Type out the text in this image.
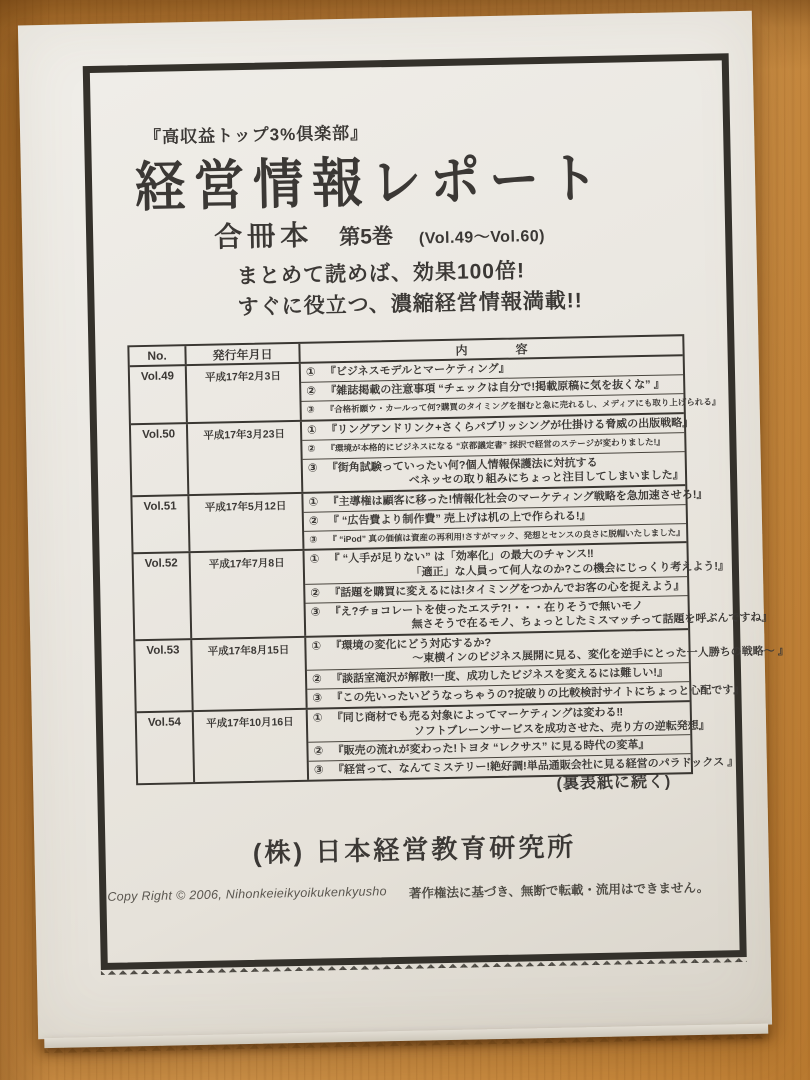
『高収益トップ3%倶楽部』
経営情報レポート
合冊本 第5巻 (Vol.49〜Vol.60)
まとめて読めば、効果100倍!
すぐに役立つ、濃縮経営情報満載!!
No.	発行年月日	内　容
Vol.49	平成17年2月3日	① 『ビジネスモデルとマーケティング』
② 『雑誌掲載の注意事項 “チェックは自分で!掲載原稿に気を抜くな” 』
③	『合格祈願ウ・カールって何?購買のタイミングを掴むと急に売れるし、メディアにも取り上げられる』
Vol.50	平成17年3月23日	① 『リングアンドリンク+さくらパブリッシングが仕掛ける脅威の出版戦略』
②	『環境が本格的にビジネスになる “京都議定書” 採択で経営のステージが変わりました!』
③ 『街角試験っていったい何?個人情報保護法に対抗する
ベネッセの取り組みにちょっと注目してしまいました』
Vol.51	平成17年5月12日	① 『主導権は顧客に移った!情報化社会のマーケティング戦略を急加速させろ!』
② 『 “広告費より制作費” 売上げは机の上で作られる!』
③	『 “iPod” 真の価値は資産の再利用!さすがマック、発想とセンスの良さに脱帽いたしました』
Vol.52	平成17年7月8日	① 『 “人手が足りない” は「効率化」の最大のチャンス‼
「適正」な人員って何人なのか?この機会にじっくり考えよう!』
② 『話題を購買に変えるには!タイミングをつかんでお客の心を捉えよう』
③ 『え?チョコレートを使ったエステ?!・・・在りそうで無いモノ
無さそうで在るモノ、ちょっとしたミスマッチって話題を呼ぶんですね』
Vol.53	平成17年8月15日	① 『環境の変化にどう対応するか?
〜東横インのビジネス展開に見る、変化を逆手にとった一人勝ちの戦略〜 』
② 『談話室滝沢が解散!一度、成功したビジネスを変えるには難しい!』
③ 『この先いったいどうなっちゃうの?掟破りの比較検討サイトにちょっと心配です』
Vol.54	平成17年10月16日	① 『同じ商材でも売る対象によってマーケティングは変わる‼
ソフトブレーンサービスを成功させた、売り方の逆転発想』
② 『販売の流れが変わった!トヨタ “レクサス” に見る時代の変革』
③ 『経営って、なんてミステリー!絶好調!単品通販会社に見る経営のパラドックス 』
(裏表紙に続く)
(株) 日本経営教育研究所
Copy Right © 2006, Nihonkeieikyoikukenkyusho 著作権法に基づき、無断で転載・流用はできません。
